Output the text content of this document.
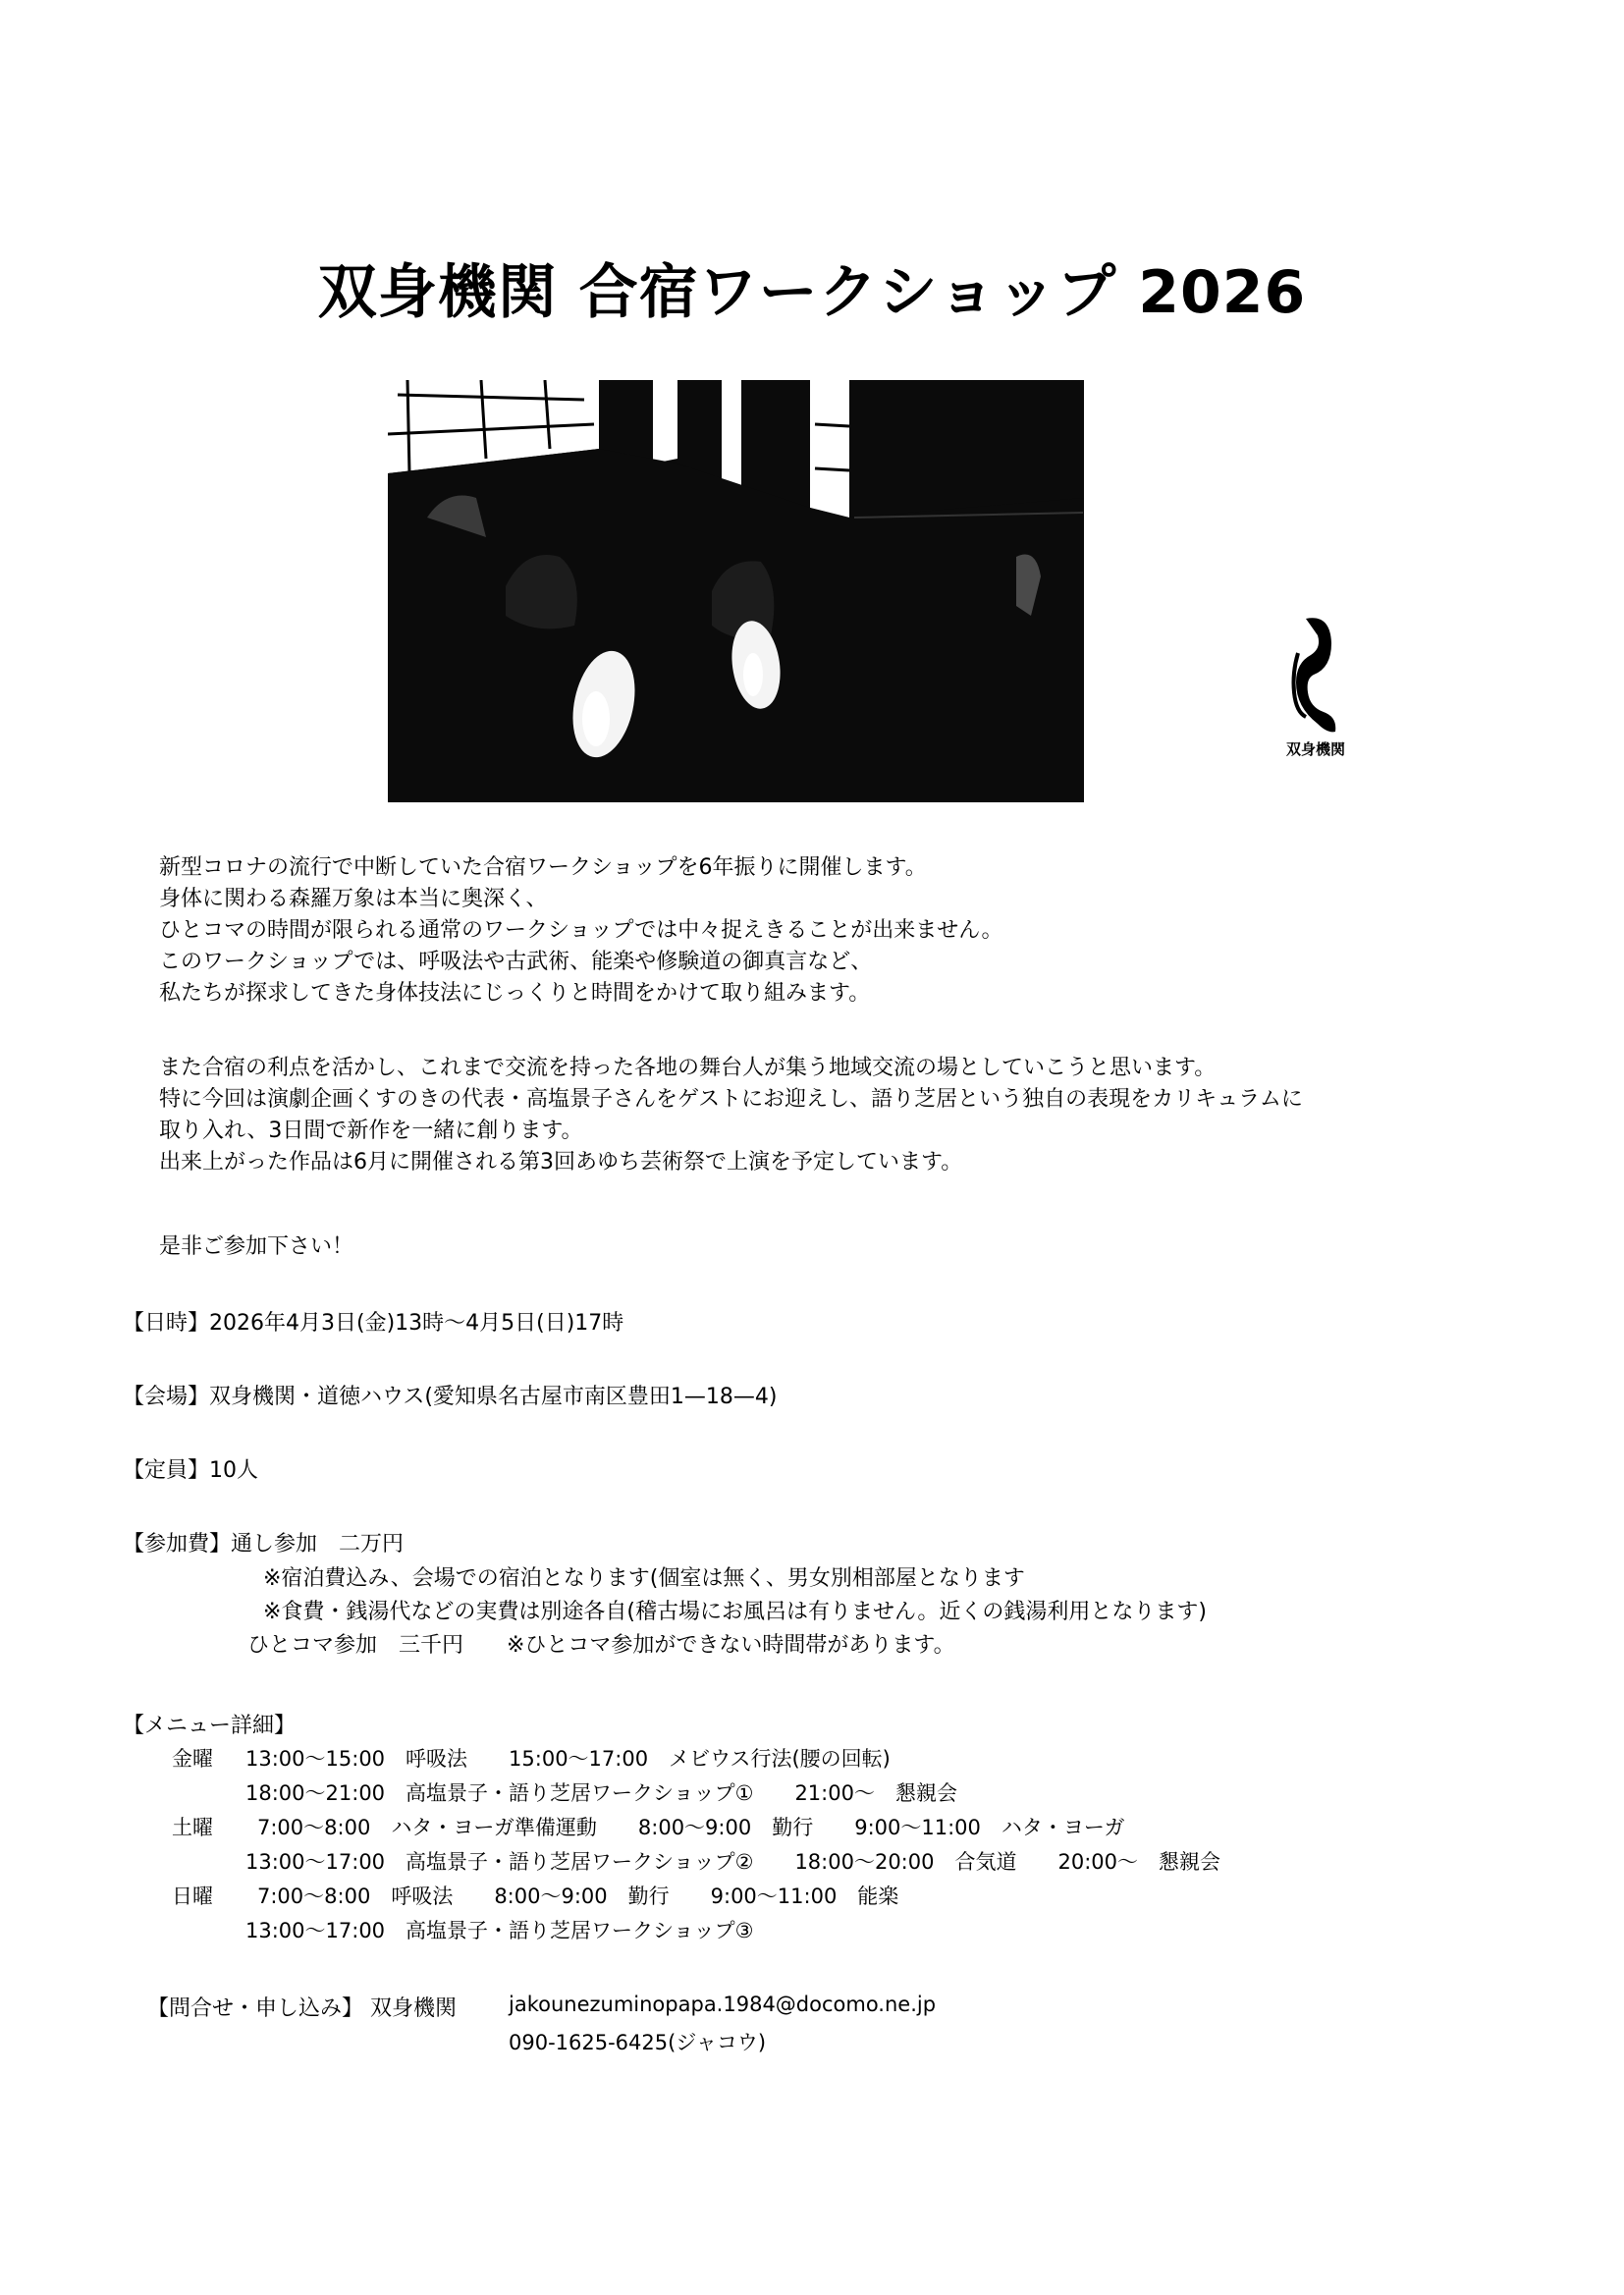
双身機関 合宿ワークショップ 2026
双身機関
新型コロナの流行で中断していた合宿ワークショップを6年振りに開催します。
身体に関わる森羅万象は本当に奥深く、
ひとコマの時間が限られる通常のワークショップでは中々捉えきることが出来ません。
このワークショップでは、呼吸法や古武術、能楽や修験道の御真言など、
私たちが探求してきた身体技法にじっくりと時間をかけて取り組みます。
また合宿の利点を活かし、これまで交流を持った各地の舞台人が集う地域交流の場としていこうと思います。
特に今回は演劇企画くすのきの代表・高塩景子さんをゲストにお迎えし、語り芝居という独自の表現をカリキュラムに
取り入れ、3日間で新作を一緒に創ります。
出来上がった作品は6月に開催される第3回あゆち芸術祭で上演を予定しています。
是非ご参加下さい！
【日時】2026年4月3日(金)13時～4月5日(日)17時
【会場】双身機関・道徳ハウス(愛知県名古屋市南区豊田1—18—4)
【定員】10人
【参加費】通し参加　二万円
※宿泊費込み、会場での宿泊となります(個室は無く、男女別相部屋となります
※食費・銭湯代などの実費は別途各自(稽古場にお風呂は有りません。近くの銭湯利用となります)
ひとコマ参加　三千円　　※ひとコマ参加ができない時間帯があります。
【メニュー詳細】
金曜 13:00～15:00　呼吸法　　15:00～17:00　メビウス行法(腰の回転)
18:00～21:00　高塩景子・語り芝居ワークショップ①　　21:00～　懇親会
土曜 7:00～8:00　ハタ・ヨーガ準備運動　　8:00～9:00　勤行　　9:00～11:00　ハタ・ヨーガ
13:00～17:00　高塩景子・語り芝居ワークショップ②　　18:00～20:00　合気道　　20:00～　懇親会
日曜 7:00～8:00　呼吸法　　8:00～9:00　勤行　　9:00～11:00　能楽
13:00～17:00　高塩景子・語り芝居ワークショップ③
【問合せ・申し込み】 双身機関	jakounezuminopapa.1984@docomo.ne.jp
090-1625-6425(ジャコウ)
